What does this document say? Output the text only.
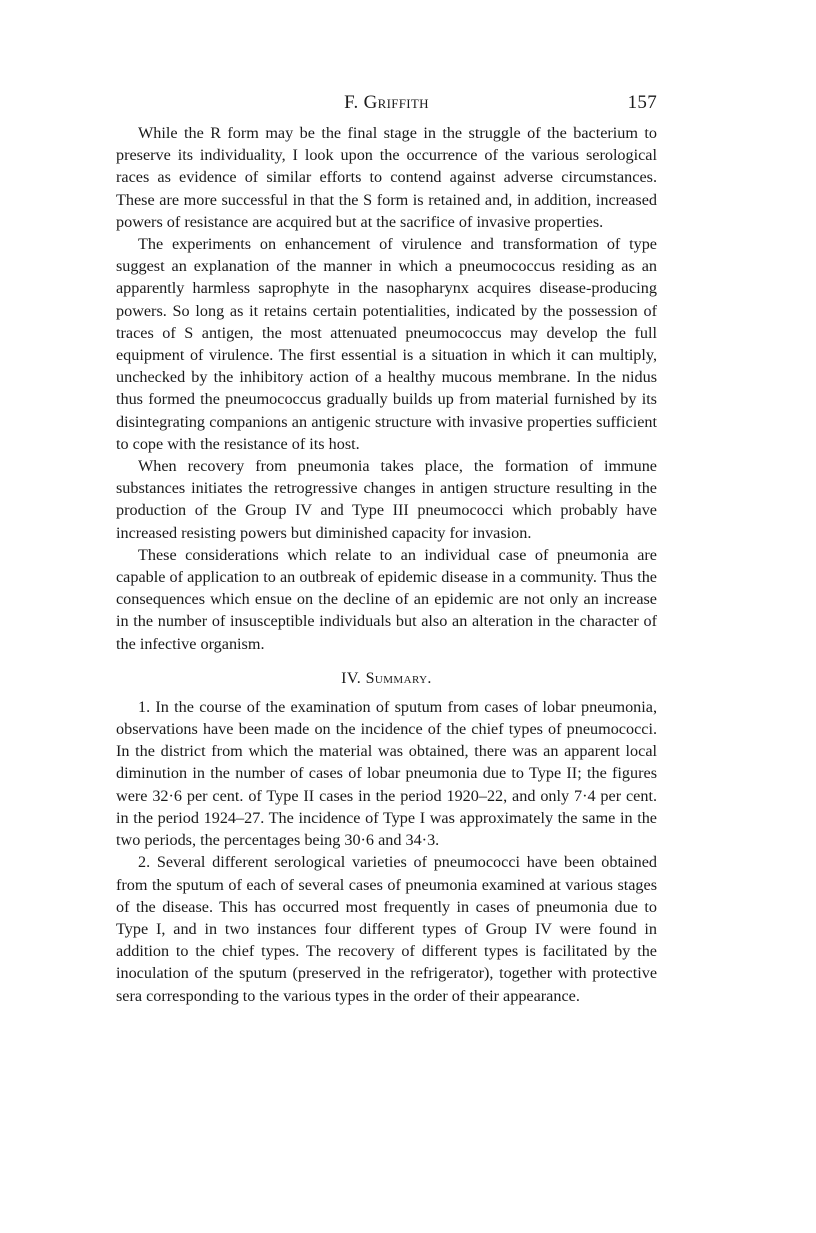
F. Griffith	157

While the R form may be the final stage in the struggle of the bacterium to preserve its individuality, I look upon the occurrence of the various serological races as evidence of similar efforts to contend against adverse circumstances. These are more successful in that the S form is retained and, in addition, increased powers of resistance are acquired but at the sacrifice of invasive properties.

The experiments on enhancement of virulence and transformation of type suggest an explanation of the manner in which a pneumococcus residing as an apparently harmless saprophyte in the nasopharynx acquires disease-producing powers. So long as it retains certain potentialities, indicated by the possession of traces of S antigen, the most attenuated pneumococcus may develop the full equipment of virulence. The first essential is a situation in which it can multiply, unchecked by the inhibitory action of a healthy mucous membrane. In the nidus thus formed the pneumococcus gradually builds up from material furnished by its disintegrating companions an antigenic structure with invasive properties sufficient to cope with the resistance of its host.

When recovery from pneumonia takes place, the formation of immune substances initiates the retrogressive changes in antigen structure resulting in the production of the Group IV and Type III pneumococci which probably have increased resisting powers but diminished capacity for invasion.

These considerations which relate to an individual case of pneumonia are capable of application to an outbreak of epidemic disease in a community. Thus the consequences which ensue on the decline of an epidemic are not only an increase in the number of insusceptible individuals but also an alteration in the character of the infective organism.

IV. Summary.

1. In the course of the examination of sputum from cases of lobar pneumonia, observations have been made on the incidence of the chief types of pneumococci. In the district from which the material was obtained, there was an apparent local diminution in the number of cases of lobar pneumonia due to Type II; the figures were 32·6 per cent. of Type II cases in the period 1920–22, and only 7·4 per cent. in the period 1924–27. The incidence of Type I was approximately the same in the two periods, the percentages being 30·6 and 34·3.

2. Several different serological varieties of pneumococci have been obtained from the sputum of each of several cases of pneumonia examined at various stages of the disease. This has occurred most frequently in cases of pneumonia due to Type I, and in two instances four different types of Group IV were found in addition to the chief types. The recovery of different types is facilitated by the inoculation of the sputum (preserved in the refrigerator), together with protective sera corresponding to the various types in the order of their appearance.
